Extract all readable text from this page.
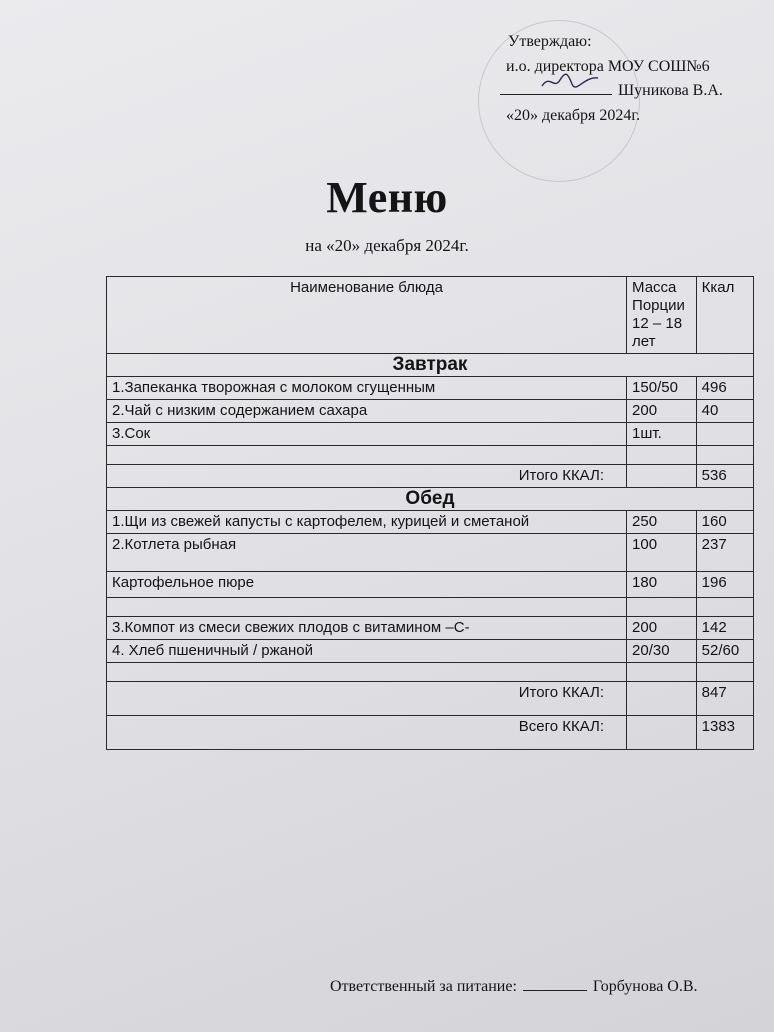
Утверждаю:
и.о. директора МОУ СОШ№6
Шуникова В.А.
«20» декабря 2024г.
Меню
на «20» декабря 2024г.
Наименование блюда	Масса Порции 12 – 18 лет	Ккал
Завтрак		
1.Запеканка творожная с молоком сгущенным	150/50	496
2.Чай с низким содержанием сахара	200	40
3.Сок	1шт.	

Итого ККАЛ:		536
Обед		
1.Щи из свежей капусты с картофелем, курицей и сметаной	250	160
2.Котлета рыбная	100	237
Картофельное пюре	180	196

3.Компот из смеси свежих плодов с витамином –С-	200	142
4. Хлеб пшеничный / ржаной	20/30	52/60

Итого ККАЛ:		847
Всего ККАЛ:		1383
Ответственный за питание:	Горбунова О.В.
